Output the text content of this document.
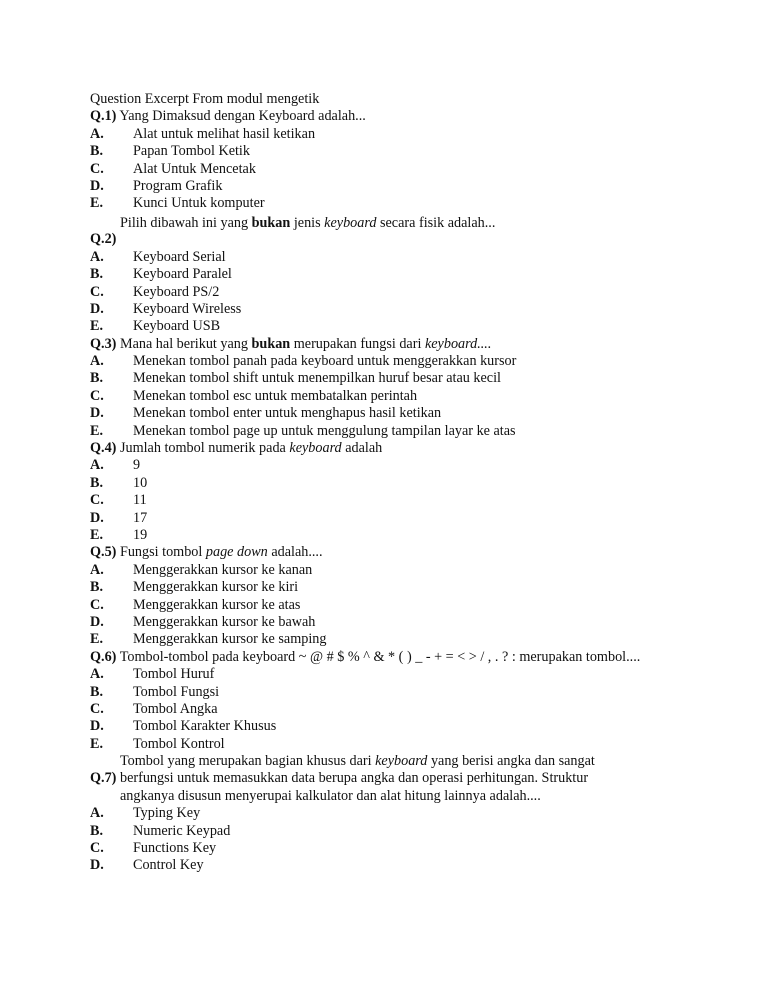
Question Excerpt From modul mengetik
Q.1) Yang Dimaksud dengan Keyboard adalah...
A.	Alat untuk melihat hasil ketikan
B.	Papan Tombol Ketik
C.	Alat Untuk Mencetak
D.	Program Grafik
E.	Kunci Untuk komputer
Pilih dibawah ini yang bukan jenis keyboard secara fisik adalah...
Q.2)
A.	Keyboard Serial
B.	Keyboard Paralel
C.	Keyboard PS/2
D.	Keyboard Wireless
E.	Keyboard USB
Q.3) Mana hal berikut yang bukan merupakan fungsi dari keyboard....
A.	Menekan tombol panah pada keyboard untuk menggerakkan kursor
B.	Menekan tombol shift untuk menempilkan huruf besar atau kecil
C.	Menekan tombol esc untuk membatalkan perintah
D.	Menekan tombol enter untuk menghapus hasil ketikan
E.	Menekan tombol page up untuk menggulung tampilan layar ke atas
Q.4) Jumlah tombol numerik pada keyboard adalah
A.	9
B.	10
C.	11
D.	17
E.	19
Q.5) Fungsi tombol page down adalah....
A.	Menggerakkan kursor ke kanan
B.	Menggerakkan kursor ke kiri
C.	Menggerakkan kursor ke atas
D.	Menggerakkan kursor ke bawah
E.	Menggerakkan kursor ke samping
Q.6) Tombol-tombol pada keyboard ~ @ # $ % ^ & * ( ) _ - + = < > / , . ? : merupakan tombol....
A.	Tombol Huruf
B.	Tombol Fungsi
C.	Tombol Angka
D.	Tombol Karakter Khusus
E.	Tombol Kontrol
Q.7)
Tombol yang merupakan bagian khusus dari keyboard yang berisi angka dan sangat
berfungsi untuk memasukkan data berupa angka dan operasi perhitungan. Struktur
angkanya disusun menyerupai kalkulator dan alat hitung lainnya adalah....
A.	Typing Key
B.	Numeric Keypad
C.	Functions Key
D.	Control Key
